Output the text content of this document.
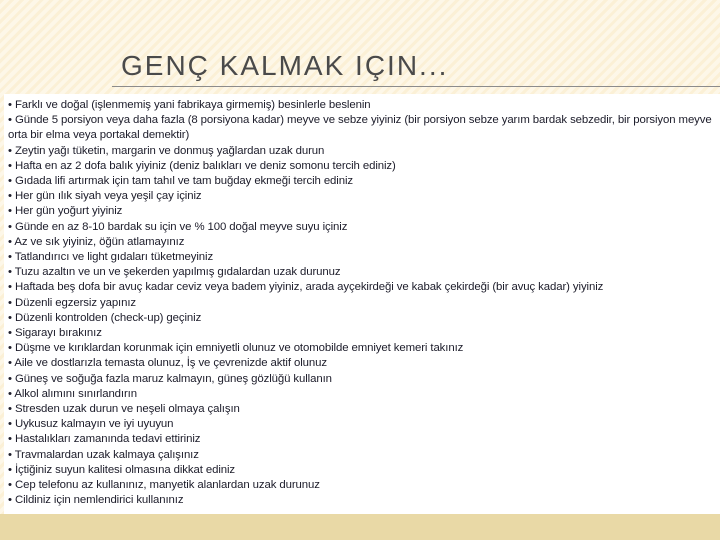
GENÇ KALMAK IÇIN...
• Farklı ve doğal (işlenmemiş yani fabrikaya girmemiş) besinlerle beslenin
• Günde 5 porsiyon veya daha fazla (8 porsiyona kadar) meyve ve sebze yiyiniz (bir porsiyon sebze yarım bardak sebzedir, bir porsiyon meyve orta bir elma veya portakal demektir)
• Zeytin yağı tüketin, margarin ve donmuş yağlardan uzak durun
• Hafta en az 2 dofa balık yiyiniz (deniz balıkları ve deniz somonu tercih ediniz)
• Gıdada lifi artırmak için tam tahıl ve tam buğday ekmeği tercih ediniz
• Her gün ılık siyah veya yeşil çay içiniz
• Her gün yoğurt yiyiniz
• Günde en az 8-10 bardak su için ve % 100 doğal meyve suyu içiniz
• Az ve sık yiyiniz, öğün atlamayınız
• Tatlandırıcı ve light gıdaları tüketmeyiniz
• Tuzu azaltın ve un ve şekerden yapılmış gıdalardan uzak durunuz
• Haftada beş dofa bir avuç kadar ceviz veya badem yiyiniz, arada ayçekirdeği ve kabak çekirdeği (bir avuç kadar) yiyiniz
• Düzenli egzersiz yapınız
• Düzenli kontrolden (check-up) geçiniz
• Sigarayı bırakınız
• Düşme ve kırıklardan korunmak için emniyetli olunuz ve otomobilde emniyet kemeri takınız
• Aile ve dostlarızla temasta olunuz, İş ve çevrenizde aktif olunuz
• Güneş ve soğuğa fazla maruz kalmayın, güneş gözlüğü kullanın
• Alkol alımını sınırlandırın
• Stresden uzak durun ve neşeli olmaya çalışın
• Uykusuz kalmayın ve iyi uyuyun
• Hastalıkları zamanında tedavi ettiriniz
• Travmalardan uzak kalmaya çalışınız
• İçtiğiniz suyun kalitesi olmasına dikkat ediniz
• Cep telefonu az kullanınız, manyetik alanlardan uzak durunuz
• Cildiniz için nemlendirici kullanınız
